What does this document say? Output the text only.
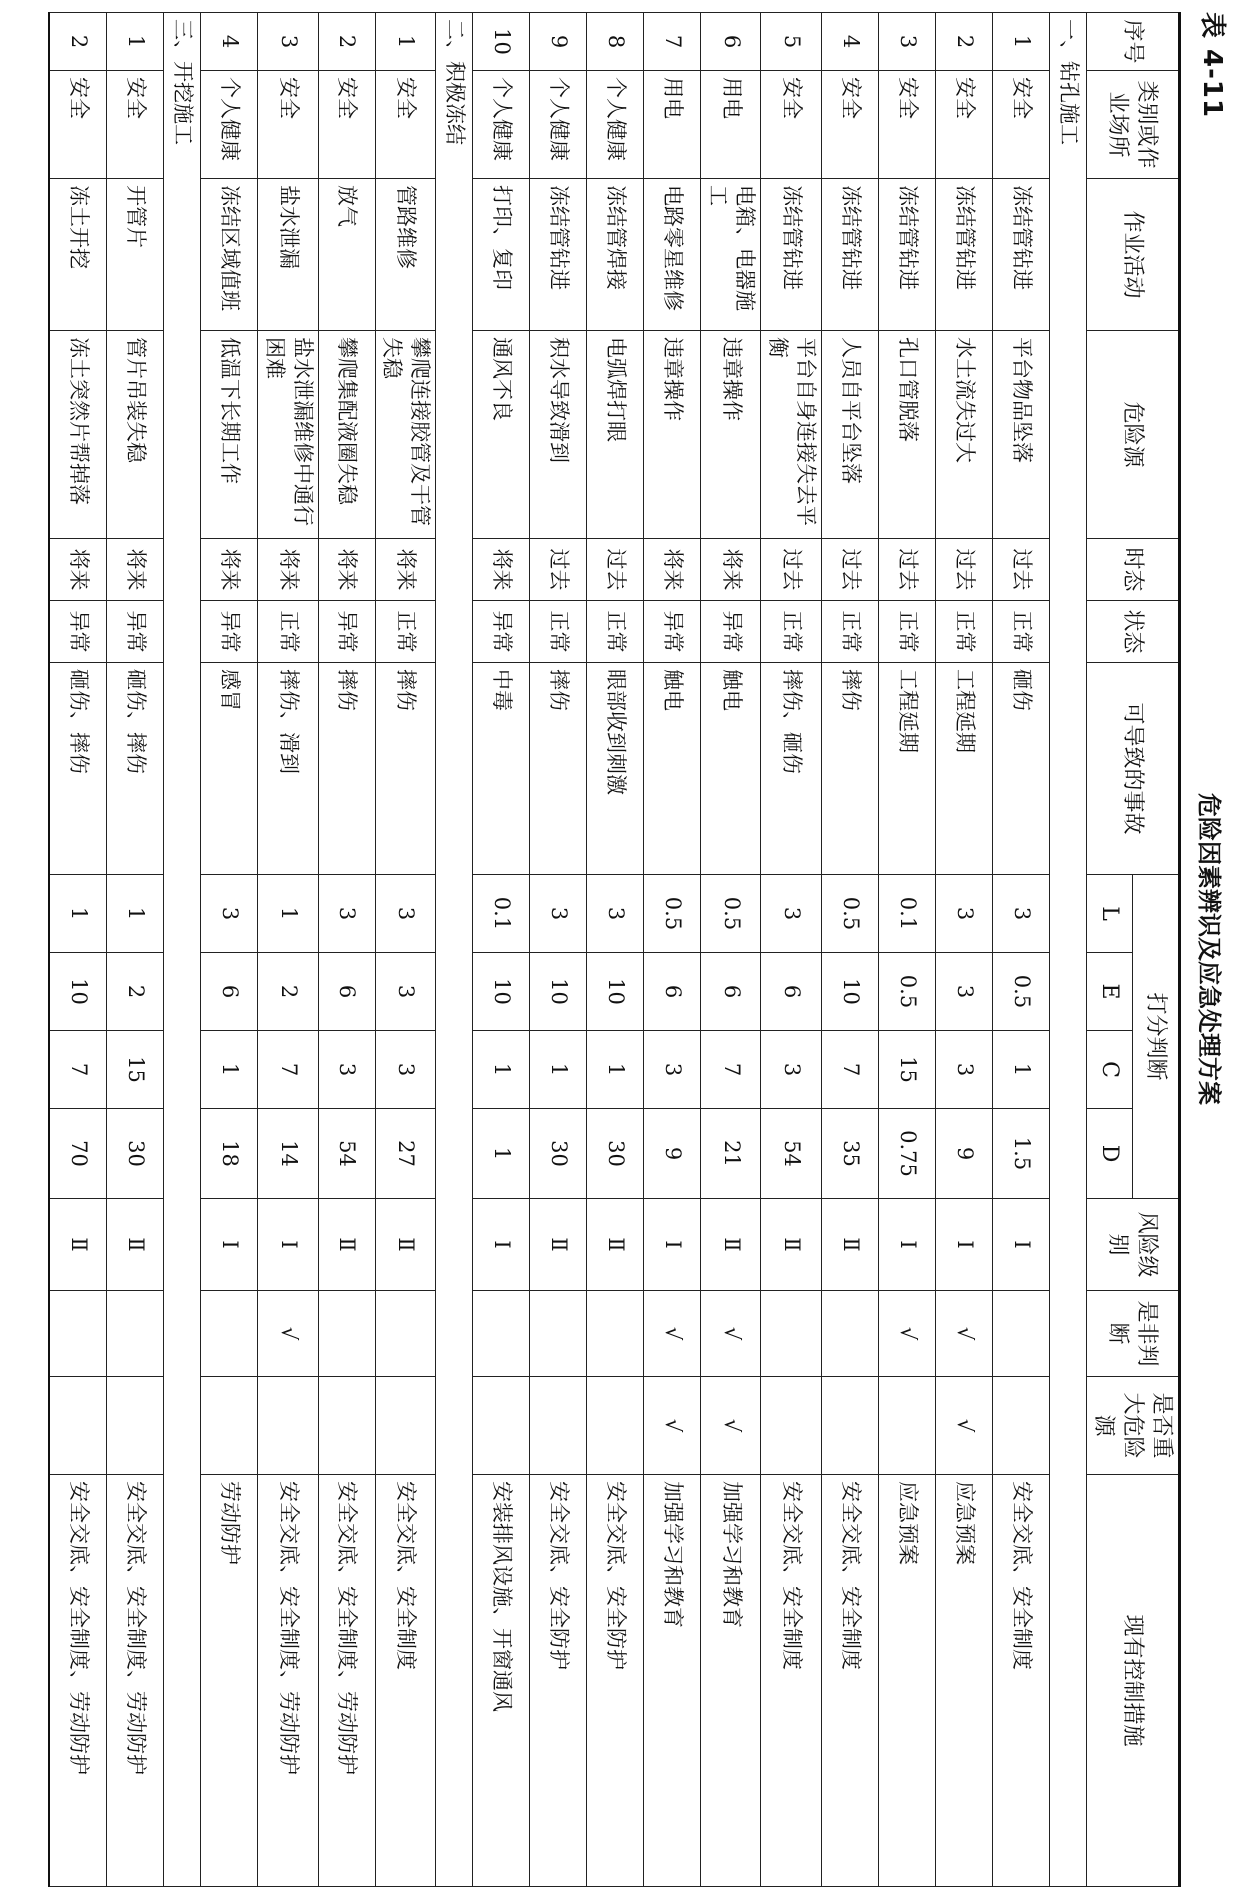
表 4-11
危险因素辨识及应急处理方案
序号	类别或作业场所	作业活动	危险源	时态	状态	可导致的事故	打分判断				风险级别	是非判断	是否重大危险源	现有控制措施
							L	E	C	D				
一、钻孔施工														
1	安全	冻结管钻进	平台物品坠落	过去	正常	砸伤	3	0.5	1	1.5	Ⅰ			安全交底、安全制度
2	安全	冻结管钻进	水土流失过大	过去	正常	工程延期	3	3	3	9	Ⅰ	√	√	应急预案
3	安全	冻结管钻进	孔口管脱落	过去	正常	工程延期	0.1	0.5	15	0.75	Ⅰ	√		应急预案
4	安全	冻结管钻进	人员自平台坠落	过去	正常	摔伤	0.5	10	7	35	Ⅱ			安全交底、安全制度
5	安全	冻结管钻进	平台自身连接失去平衡	过去	正常	摔伤、砸伤	3	6	3	54	Ⅱ			安全交底、安全制度
6	用电	电箱、电器施工	违章操作	将来	异常	触电	0.5	6	7	21	Ⅱ	√	√	加强学习和教育
7	用电	电路零星维修	违章操作	将来	异常	触电	0.5	6	3	9	Ⅰ	√	√	加强学习和教育
8	个人健康	冻结管焊接	电弧焊打眼	过去	正常	眼部收到刺激	3	10	1	30	Ⅱ			安全交底、安全防护
9	个人健康	冻结管钻进	积水导致滑到	过去	正常	摔伤	3	10	1	30	Ⅱ			安全交底、安全防护
10	个人健康	打印、复印	通风不良	将来	异常	中毒	0.1	10	1	1	Ⅰ			安装排风设施、开窗通风
二、积极冻结														
1	安全	管路维修	攀爬连接胶管及干管失稳	将来	正常	摔伤	3	3	3	27	Ⅱ			安全交底、安全制度
2	安全	放气	攀爬集配液圈失稳	将来	异常	摔伤	3	6	3	54	Ⅱ			安全交底、安全制度、劳动防护
3	安全	盐水泄漏	盐水泄漏维修中通行困难	将来	正常	摔伤、滑到	1	2	7	14	Ⅰ	√		安全交底、安全制度、劳动防护
4	个人健康	冻结区域值班	低温下长期工作	将来	异常	感冒	3	6	1	18	Ⅰ			劳动防护
三、开挖施工														
1	安全	开管片	管片吊装失稳	将来	异常	砸伤、摔伤	1	2	15	30	Ⅱ			安全交底、安全制度、劳动防护
2	安全	冻土开挖	冻土突然片帮掉落	将来	异常	砸伤、摔伤	1	10	7	70	Ⅱ			安全交底、安全制度、劳动防护
